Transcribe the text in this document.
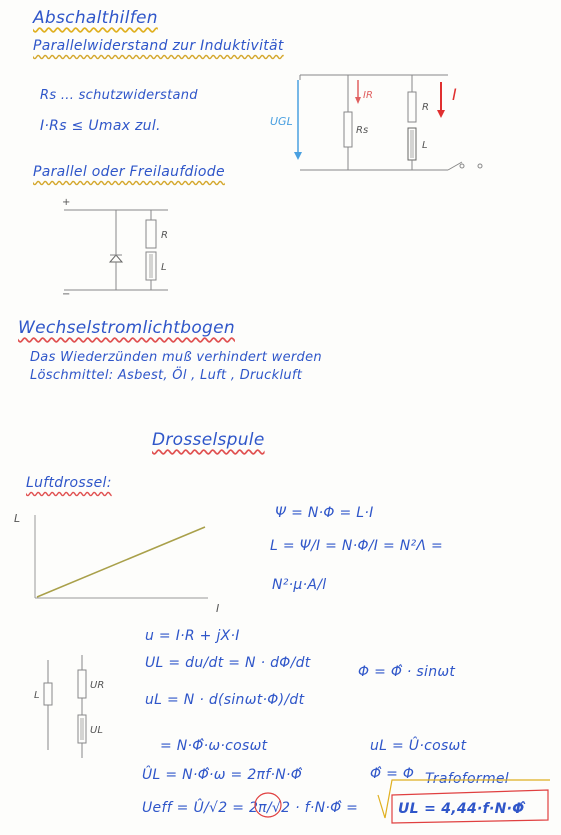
Abschalthilfen
Parallelwiderstand zur Induktivität
Rs ... schutzwiderstand
I·Rs ≤ Umax zul.
Parallel oder Freilaufdiode
Wechselstromlichtbogen
Das Wiederzünden muß verhindert werden
Löschmittel: Asbest, Öl , Luft , Druckluft
Drosselspule
Luftdrossel:
Ψ = N·Φ = L·I
L = Ψ/I = N·Φ/I = N²Λ =
N²·μ·A/l
u = I·R + jX·I
UL = du/dt = N · dΦ/dt
Φ = Φ̂ · sinωt
uL = N · d(sinωt·Φ)/dt
= N·Φ̂·ω·cosωt	uL = Û·cosωt
ÛL = N·Φ̂·ω = 2πf·N·Φ̂	Φ̂ = Φ Trafoformel
Ueff = Û/√2 = 2π/√2 · f·N·Φ̂ =	UL = 4,44·f·N·Φ̂
UGL
IR	I
Rs
R
L
+
−
R
L
L
I
L
UR
UL
